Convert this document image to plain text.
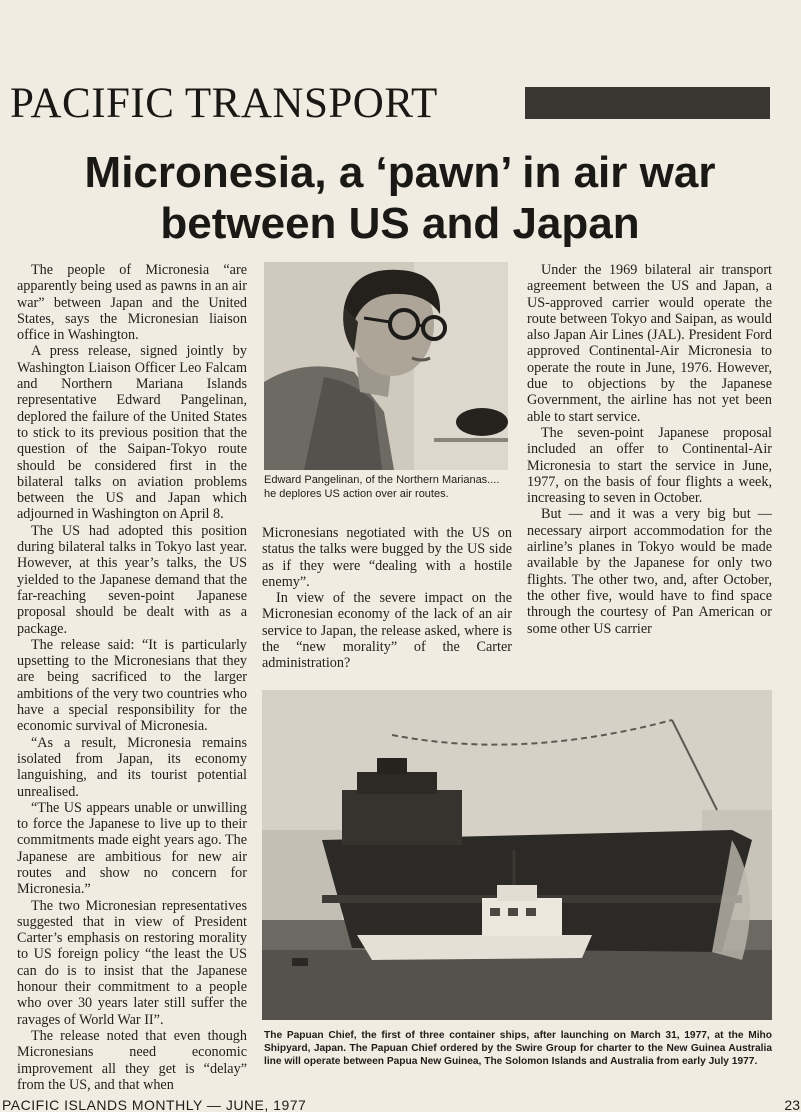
PACIFIC TRANSPORT
Micronesia, a ‘pawn’ in air war between US and Japan

The people of Micronesia “are apparently being used as pawns in an air war” between Japan and the United States, says the Micronesian liaison office in Washington.

A press release, signed jointly by Washington Liaison Officer Leo Falcam and Northern Mariana Islands representative Edward Pangelinan, deplored the failure of the United States to stick to its previous position that the question of the Saipan-Tokyo route should be considered first in the bilateral talks on aviation problems between the US and Japan which adjourned in Washington on April 8.

The US had adopted this position during bilateral talks in Tokyo last year. However, at this year’s talks, the US yielded to the Japanese demand that the far-reaching seven-point Japanese proposal should be dealt with as a package.

The release said: “It is particularly upsetting to the Micronesians that they are being sacrificed to the larger ambitions of the very two countries who have a special responsibility for the economic survival of Micronesia.

“As a result, Micronesia remains isolated from Japan, its economy languishing, and its tourist potential unrealised.

“The US appears unable or unwilling to force the Japanese to live up to their commitments made eight years ago. The Japanese are ambitious for new air routes and show no concern for Micronesia.”

The two Micronesian representatives suggested that in view of President Carter’s emphasis on restoring morality to US foreign policy “the least the US can do is to insist that the Japanese honour their commitment to a people who over 30 years later still suffer the ravages of World War II”.

The release noted that even though Micronesians need economic improvement all they get is “delay” from the US, and that when

Edward Pangelinan, of the Northern Marianas.... he deplores US action over air routes.

Micronesians negotiated with the US on status the talks were bugged by the US side as if they were “dealing with a hostile enemy”.

In view of the severe impact on the Micronesian economy of the lack of an air service to Japan, the release asked, where is the “new morality” of the Carter administration?

Under the 1969 bilateral air transport agreement between the US and Japan, a US-approved carrier would operate the route between Tokyo and Saipan, as would also Japan Air Lines (JAL). President Ford approved Continental-Air Micronesia to operate the route in June, 1976. However, due to objections by the Japanese Government, the airline has not yet been able to start service.

The seven-point Japanese proposal included an offer to Continental-Air Micronesia to start the service in June, 1977, on the basis of four flights a week, increasing to seven in October.

But — and it was a very big but — necessary airport accommodation for the airline’s planes in Tokyo would be made available by the Japanese for only two flights. The other two, and, after October, the other five, would have to find space through the courtesy of Pan American or some other US carrier

The Papuan Chief, the first of three container ships, after launching on March 31, 1977, at the Miho Shipyard, Japan. The Papuan Chief ordered by the Swire Group for charter to the New Guinea Australia line will operate between Papua New Guinea, The Solomon Islands and Australia from early July 1977.
PACIFIC ISLANDS MONTHLY — JUNE, 1977	23
